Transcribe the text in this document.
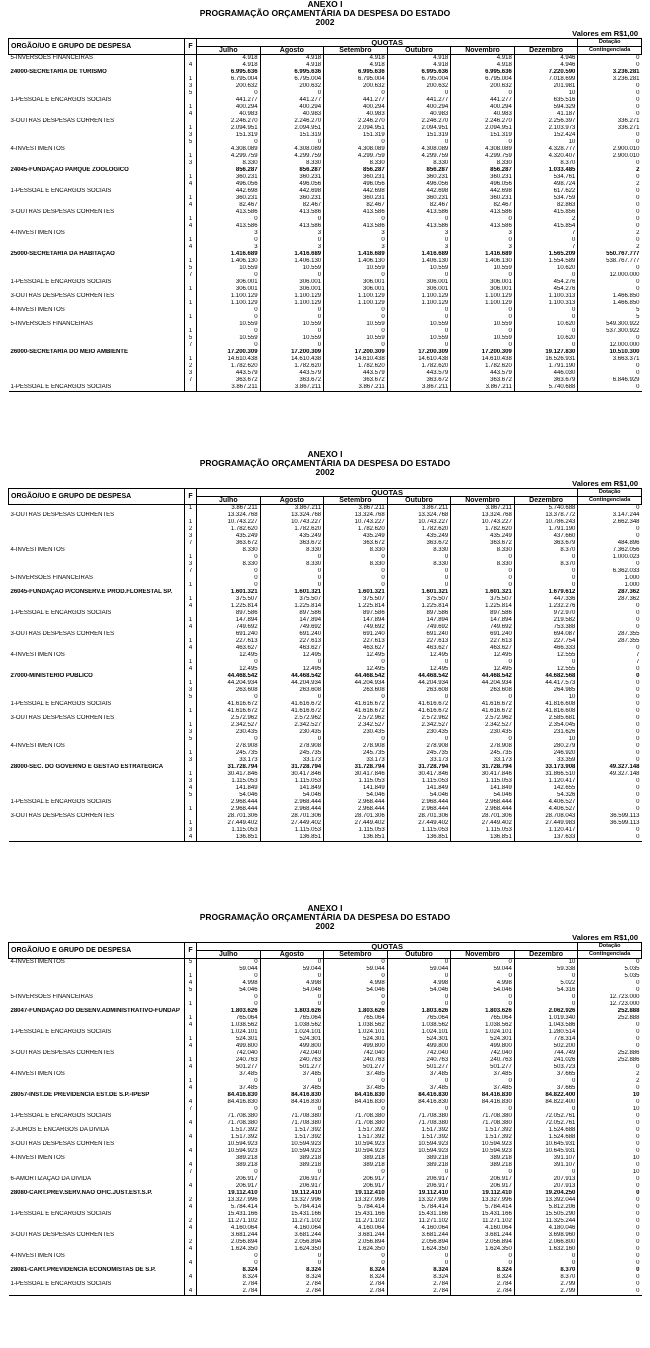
ANEXO I
PROGRAMAÇÃO ORÇAMENTÁRIA DA DESPESA DO ESTADO
2002
Valores em R$1,00
ORGÃO/UO E GRUPO DE DESPESA	F	QUOTAS						Dotação
		Julho	Agosto	Setembro	Outubro	Novembro	Dezembro	Contingenciada
5-INVERSÕES FINANCEIRAS		4.918	4.918	4.918	4.918	4.918	4.946	0
	4	4.918	4.918	4.918	4.918	4.918	4.946	0
24000-SECRETARIA DE TURISMO		6.995.636	6.995.636	6.995.636	6.995.636	6.995.636	7.220.590	3.236.281
	1	6.795.004	6.795.004	6.795.004	6.795.004	6.795.004	7.018.699	3.236.281
	3	200.632	200.632	200.632	200.632	200.632	201.981	0
	5	0	0	0	0	0	10	0
1-PESSOAL E ENCARGOS SOCIAIS		441.277	441.277	441.277	441.277	441.277	635.516	0
	1	400.294	400.294	400.294	400.294	400.294	594.329	0
	4	40.983	40.983	40.983	40.983	40.983	41.187	0
3-OUTRAS DESPESAS CORRENTES		2.246.270	2.246.270	2.246.270	2.246.270	2.246.270	2.256.397	336.271
	1	2.094.951	2.094.951	2.094.951	2.094.951	2.094.951	2.103.973	336.271
	3	151.319	151.319	151.319	151.319	151.319	152.424	0
	5	0	0	0	0	0	10	0
4-INVESTIMENTOS		4.308.089	4.308.089	4.308.089	4.308.089	4.308.089	4.328.777	2.900.010
	1	4.299.759	4.299.759	4.299.759	4.299.759	4.299.759	4.320.407	2.900.010
	3	8.330	8.330	8.330	8.330	8.330	8.370	0
24045-FUNDAÇÃO PARQUE ZOOLÓGICO		856.287	856.287	856.287	856.287	856.287	1.033.485	2
	1	360.231	360.231	360.231	360.231	360.231	534.761	0
	4	496.056	496.056	496.056	496.056	496.056	498.724	2
1-PESSOAL E ENCARGOS SOCIAIS		442.698	442.698	442.698	442.698	442.698	617.622	0
	1	360.231	360.231	360.231	360.231	360.231	534.759	0
	4	82.467	82.467	82.467	82.467	82.467	82.863	0
3-OUTRAS DESPESAS CORRENTES		413.586	413.586	413.586	413.586	413.586	415.856	0
	1	0	0	0	0	0	2	0
	4	413.586	413.586	413.586	413.586	413.586	415.854	0
4-INVESTIMENTOS		3	3	3	3	3	7	2
	1	0	0	0	0	0	0	0
	4	3	3	3	3	3	7	2
25000-SECRETARIA DA HABITAÇÃO		1.416.689	1.416.689	1.416.689	1.416.689	1.416.689	1.565.209	550.767.777
	1	1.406.130	1.406.130	1.406.130	1.406.130	1.406.130	1.554.589	538.767.777
	5	10.559	10.559	10.559	10.559	10.559	10.620	0
	7	0	0	0	0	0	0	12.000.000
1-PESSOAL E ENCARGOS SOCIAIS		306.001	306.001	306.001	306.001	306.001	454.276	0
	1	306.001	306.001	306.001	306.001	306.001	454.276	0
3-OUTRAS DESPESAS CORRENTES		1.100.129	1.100.129	1.100.129	1.100.129	1.100.129	1.100.313	1.466.850
	1	1.100.129	1.100.129	1.100.129	1.100.129	1.100.129	1.100.313	1.466.850
4-INVESTIMENTOS		0	0	0	0	0	0	5
	1	0	0	0	0	0	0	5
5-INVERSÕES FINANCEIRAS		10.559	10.559	10.559	10.559	10.559	10.620	549.300.922
	1	0	0	0	0	0	0	537.300.922
	5	10.559	10.559	10.559	10.559	10.559	10.620	0
	7	0	0	0	0	0	0	12.000.000
26000-SECRETARIA DO MEIO AMBIENTE		17.200.309	17.200.309	17.200.309	17.200.309	17.200.309	19.127.830	10.510.300
	1	14.610.438	14.610.438	14.610.438	14.610.438	14.610.438	16.526.931	3.663.371
	2	1.782.620	1.782.620	1.782.620	1.782.620	1.782.620	1.791.190	0
	3	443.579	443.579	443.579	443.579	443.579	446.030	0
	7	363.672	363.672	363.672	363.672	363.672	363.679	6.846.929
1-PESSOAL E ENCARGOS SOCIAIS		3.867.211	3.867.211	3.867.211	3.867.211	3.867.211	5.740.688	0
ANEXO I
PROGRAMAÇÃO ORÇAMENTÁRIA DA DESPESA DO ESTADO
2002
Valores em R$1,00
ORGÃO/UO E GRUPO DE DESPESA	F	QUOTAS						Dotação
		Julho	Agosto	Setembro	Outubro	Novembro	Dezembro	Contingenciada
	1	3.867.211	3.867.211	3.867.211	3.867.211	3.867.211	5.740.688	0
3-OUTRAS DESPESAS CORRENTES		13.324.768	13.324.768	13.324.768	13.324.768	13.324.768	13.378.772	3.147.244
	1	10.743.227	10.743.227	10.743.227	10.743.227	10.743.227	10.786.243	2.662.348
	2	1.782.620	1.782.620	1.782.620	1.782.620	1.782.620	1.791.190	0
	3	435.249	435.249	435.249	435.249	435.249	437.660	0
	7	363.672	363.672	363.672	363.672	363.672	363.679	484.896
4-INVESTIMENTOS		8.330	8.330	8.330	8.330	8.330	8.370	7.362.056
	1	0	0	0	0	0	0	1.000.023
	3	8.330	8.330	8.330	8.330	8.330	8.370	0
	7	0	0	0	0	0	0	6.362.033
5-INVERSÕES FINANCEIRAS		0	0	0	0	0	0	1.000
	1	0	0	0	0	0	0	1.000
26045-FUNDAÇÃO P/CONSERV.E PROD.FLORESTAL SP.		1.601.321	1.601.321	1.601.321	1.601.321	1.601.321	1.679.612	287.362
	1	375.507	375.507	375.507	375.507	375.507	447.336	287.362
	4	1.225.814	1.225.814	1.225.814	1.225.814	1.225.814	1.232.276	0
1-PESSOAL E ENCARGOS SOCIAIS		897.586	897.586	897.586	897.586	897.586	972.970	0
	1	147.894	147.894	147.894	147.894	147.894	219.582	0
	4	749.692	749.692	749.692	749.692	749.692	753.388	0
3-OUTRAS DESPESAS CORRENTES		691.240	691.240	691.240	691.240	691.240	694.087	287.355
	1	227.613	227.613	227.613	227.613	227.613	227.754	287.355
	4	463.627	463.627	463.627	463.627	463.627	466.333	0
4-INVESTIMENTOS		12.495	12.495	12.495	12.495	12.495	12.555	7
	1	0	0	0	0	0	0	7
	4	12.495	12.495	12.495	12.495	12.495	12.555	0
27000-MINISTÉRIO PÚBLICO		44.468.542	44.468.542	44.468.542	44.468.542	44.468.542	44.682.568	0
	1	44.204.934	44.204.934	44.204.934	44.204.934	44.204.934	44.417.573	0
	3	263.608	263.608	263.608	263.608	263.608	264.985	0
	5	0	0	0	0	0	10	0
1-PESSOAL E ENCARGOS SOCIAIS		41.616.672	41.616.672	41.616.672	41.616.672	41.616.672	41.816.608	0
	1	41.616.672	41.616.672	41.616.672	41.616.672	41.616.672	41.816.608	0
3-OUTRAS DESPESAS CORRENTES		2.572.962	2.572.962	2.572.962	2.572.962	2.572.962	2.585.681	0
	1	2.342.527	2.342.527	2.342.527	2.342.527	2.342.527	2.354.045	0
	3	230.435	230.435	230.435	230.435	230.435	231.626	0
	5	0	0	0	0	0	10	0
4-INVESTIMENTOS		278.908	278.908	278.908	278.908	278.908	280.279	0
	1	245.735	245.735	245.735	245.735	245.735	246.920	0
	3	33.173	33.173	33.173	33.173	33.173	33.359	0
28000-SEC. DO GOVERNO E GESTÃO ESTRATÉGICA		31.728.794	31.728.794	31.728.794	31.728.794	31.728.794	33.173.908	49.327.148
	1	30.417.846	30.417.846	30.417.846	30.417.846	30.417.846	31.866.510	49.327.148
	3	1.115.053	1.115.053	1.115.053	1.115.053	1.115.053	1.120.417	0
	4	141.849	141.849	141.849	141.849	141.849	142.655	0
	5	54.046	54.046	54.046	54.046	54.046	54.326	0
1-PESSOAL E ENCARGOS SOCIAIS		2.968.444	2.968.444	2.968.444	2.968.444	2.968.444	4.406.527	0
	1	2.968.444	2.968.444	2.968.444	2.968.444	2.968.444	4.406.527	0
3-OUTRAS DESPESAS CORRENTES		28.701.306	28.701.306	28.701.306	28.701.306	28.701.306	28.708.043	36.599.113
	1	27.449.402	27.449.402	27.449.402	27.449.402	27.449.402	27.449.983	36.599.113
	3	1.115.053	1.115.053	1.115.053	1.115.053	1.115.053	1.120.417	0
	4	136.851	136.851	136.851	136.851	136.851	137.633	0
ANEXO I
PROGRAMAÇÃO ORÇAMENTÁRIA DA DESPESA DO ESTADO
2002
Valores em R$1,00
ORGÃO/UO E GRUPO DE DESPESA	F	QUOTAS						Dotação
		Julho	Agosto	Setembro	Outubro	Novembro	Dezembro	Contingenciada
4-INVESTIMENTOS	5	0	0	0	0	0	10	0
		59.044	59.044	59.044	59.044	59.044	59.338	5.035
	1	0	0	0	0	0	0	5.035
	4	4.998	4.998	4.998	4.998	4.998	5.022	0
	5	54.046	54.046	54.046	54.046	54.046	54.316	0
5-INVERSÕES FINANCEIRAS		0	0	0	0	0	0	12.723.000
	1	0	0	0	0	0	0	12.723.000
28047-FUNDAÇÃO DO DESENV.ADMINISTRATIVO-FUNDAP		1.803.626	1.803.626	1.803.626	1.803.626	1.803.626	2.062.926	252.888
	1	765.064	765.064	765.064	765.064	765.064	1.019.340	252.888
	4	1.038.562	1.038.562	1.038.562	1.038.562	1.038.562	1.043.586	0
1-PESSOAL E ENCARGOS SOCIAIS		1.024.101	1.024.101	1.024.101	1.024.101	1.024.101	1.280.514	0
	1	524.301	524.301	524.301	524.301	524.301	778.314	0
	4	499.800	499.800	499.800	499.800	499.800	502.200	0
3-OUTRAS DESPESAS CORRENTES		742.040	742.040	742.040	742.040	742.040	744.749	252.886
	1	240.763	240.763	240.763	240.763	240.763	241.026	252.886
	4	501.277	501.277	501.277	501.277	501.277	503.723	0
4-INVESTIMENTOS		37.485	37.485	37.485	37.485	37.485	37.665	2
	1	0	0	0	0	0	0	2
	4	37.485	37.485	37.485	37.485	37.485	37.665	0
28057-INST.DE PREVIDÊNCIA EST.DE S.P.-IPESP		84.416.830	84.416.830	84.416.830	84.416.830	84.416.830	84.822.400	10
	4	84.416.830	84.416.830	84.416.830	84.416.830	84.416.830	84.822.400	0
	7	0	0	0	0	0	0	10
1-PESSOAL E ENCARGOS SOCIAIS		71.708.380	71.708.380	71.708.380	71.708.380	71.708.380	72.052.761	0
	4	71.708.380	71.708.380	71.708.380	71.708.380	71.708.380	72.052.761	0
2-JUROS E ENCARGOS DA DÍVIDA		1.517.392	1.517.392	1.517.392	1.517.392	1.517.392	1.524.688	0
	4	1.517.392	1.517.392	1.517.392	1.517.392	1.517.392	1.524.688	0
3-OUTRAS DESPESAS CORRENTES		10.594.923	10.594.923	10.594.923	10.594.923	10.594.923	10.645.931	0
	4	10.594.923	10.594.923	10.594.923	10.594.923	10.594.923	10.645.931	0
4-INVESTIMENTOS		389.218	389.218	389.218	389.218	389.218	391.107	10
	4	389.218	389.218	389.218	389.218	389.218	391.107	0
	7	0	0	0	0	0	0	10
6-AMORTIZAÇÃO DA DÍVIDA		206.917	206.917	206.917	206.917	206.917	207.913	0
	4	206.917	206.917	206.917	206.917	206.917	207.913	0
28080-CART.PREV.SERV.NÃO OFIC.JUST.EST.S.P.		19.112.410	19.112.410	19.112.410	19.112.410	19.112.410	19.204.250	0
	2	13.327.996	13.327.996	13.327.996	13.327.996	13.327.996	13.392.044	0
	4	5.784.414	5.784.414	5.784.414	5.784.414	5.784.414	5.812.206	0
1-PESSOAL E ENCARGOS SOCIAIS		15.431.166	15.431.166	15.431.166	15.431.166	15.431.166	15.505.290	0
	2	11.271.102	11.271.102	11.271.102	11.271.102	11.271.102	11.325.244	0
	4	4.160.064	4.160.064	4.160.064	4.160.064	4.160.064	4.180.046	0
3-OUTRAS DESPESAS CORRENTES		3.681.244	3.681.244	3.681.244	3.681.244	3.681.244	3.698.960	0
	2	2.056.894	2.056.894	2.056.894	2.056.894	2.056.894	2.066.800	0
	4	1.624.350	1.624.350	1.624.350	1.624.350	1.624.350	1.632.160	0
4-INVESTIMENTOS		0	0	0	0	0	0	0
	4	0	0	0	0	0	0	0
28081-CART.PREVIDÊNCIA ECONOMISTAS DE S.P.		8.324	8.324	8.324	8.324	8.324	8.370	0
	4	8.324	8.324	8.324	8.324	8.324	8.370	0
1-PESSOAL E ENCARGOS SOCIAIS		2.784	2.784	2.784	2.784	2.784	2.799	0
	4	2.784	2.784	2.784	2.784	2.784	2.799	0
